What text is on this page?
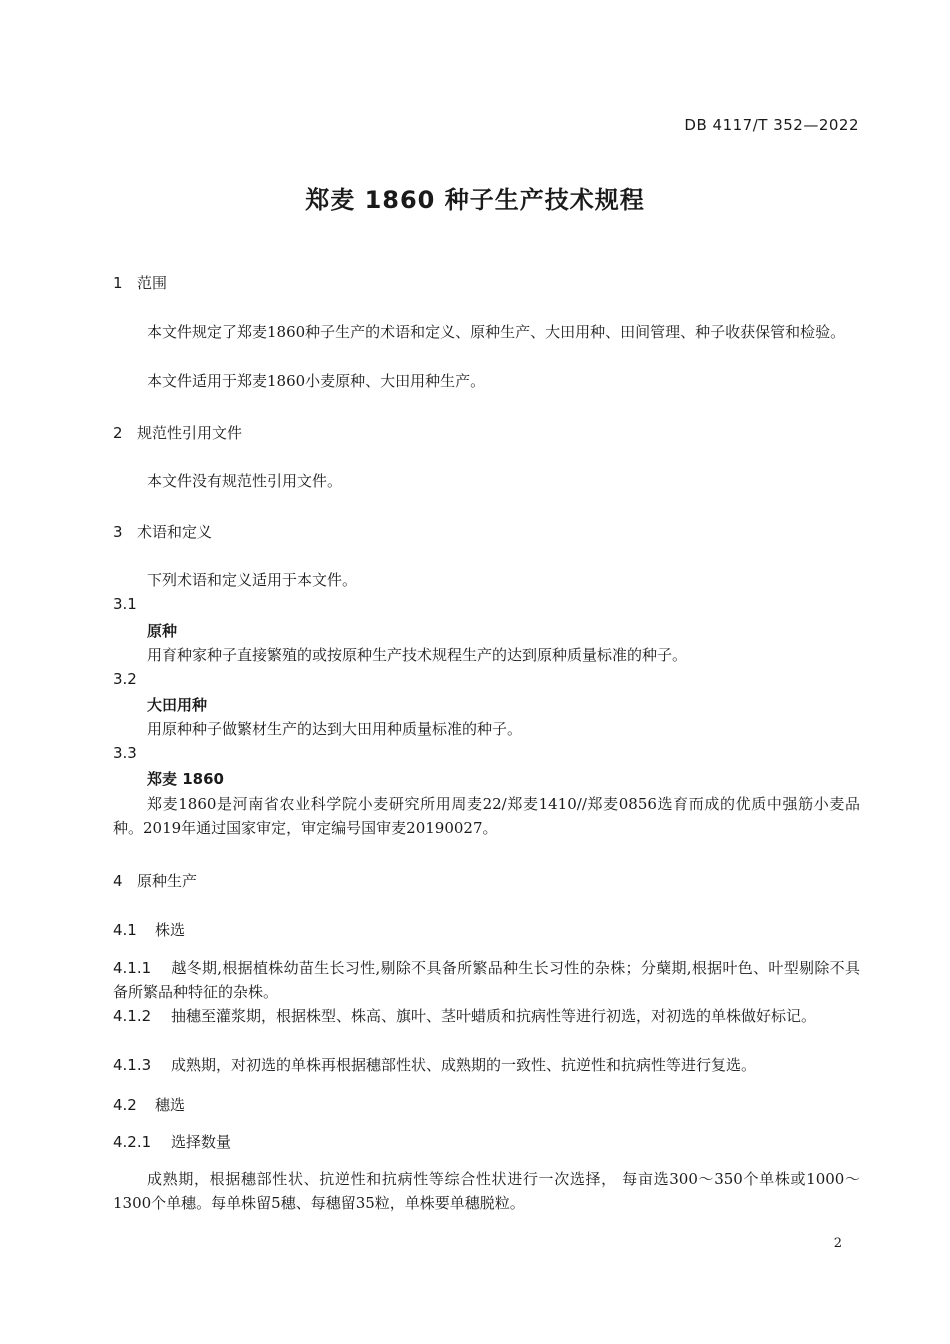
DB 4117/T 352—2022
郑麦 1860 种子生产技术规程
1 范围
本文件规定了郑麦1860种子生产的术语和定义、原种生产、大田用种、田间管理、种子收获保管和检验。
本文件适用于郑麦1860小麦原种、大田用种生产。
2 规范性引用文件
本文件没有规范性引用文件。
3 术语和定义
下列术语和定义适用于本文件。
3.1
原种
用育种家种子直接繁殖的或按原种生产技术规程生产的达到原种质量标准的种子。
3.2
大田用种
用原种种子做繁材生产的达到大田用种质量标准的种子。
3.3
郑麦 1860
郑麦1860是河南省农业科学院小麦研究所用周麦22/郑麦1410//郑麦0856选育而成的优质中强筋小麦品种。2019年通过国家审定，审定编号国审麦20190027。
4 原种生产
4.1 株选
4.1.1 越冬期,根据植株幼苗生长习性,剔除不具备所繁品种生长习性的杂株；分蘖期,根据叶色、叶型剔除不具备所繁品种特征的杂株。
4.1.2 抽穗至灌浆期，根据株型、株高、旗叶、茎叶蜡质和抗病性等进行初选，对初选的单株做好标记。
4.1.3 成熟期，对初选的单株再根据穗部性状、成熟期的一致性、抗逆性和抗病性等进行复选。
4.2 穗选
4.2.1 选择数量
成熟期，根据穗部性状、抗逆性和抗病性等综合性状进行一次选择， 每亩选300～350个单株或1000～1300个单穗。每单株留5穗、每穗留35粒，单株要单穗脱粒。
2
